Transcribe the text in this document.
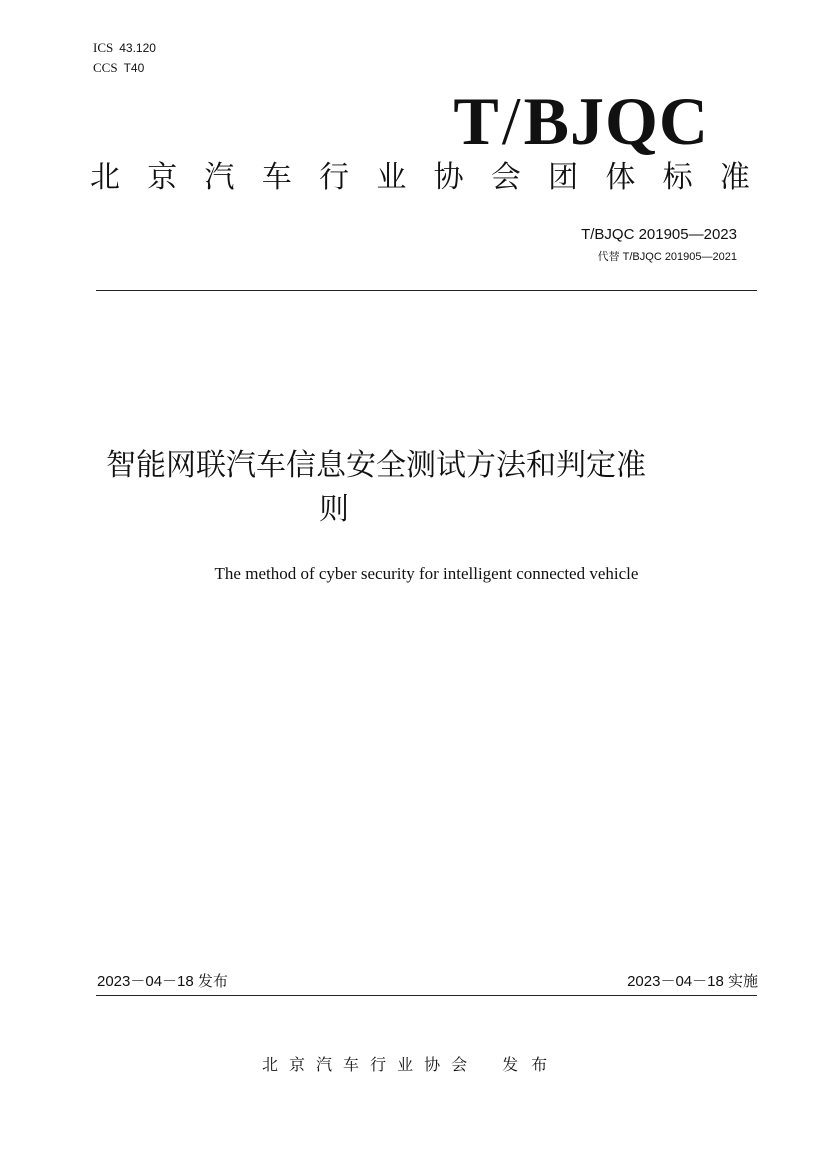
ICS 43.120
CCS T40
T/BJQC
北 京 汽 车 行 业 协 会 团 体 标 准
T/BJQC 201905—2023
代替 T/BJQC 201905—2021
智能网联汽车信息安全测试方法和判定准
则
The method of cyber security for intelligent connected vehicle
2023－04－18 发布	2023－04－18 实施
北 京 汽 车 行 业 协 会 发 布
